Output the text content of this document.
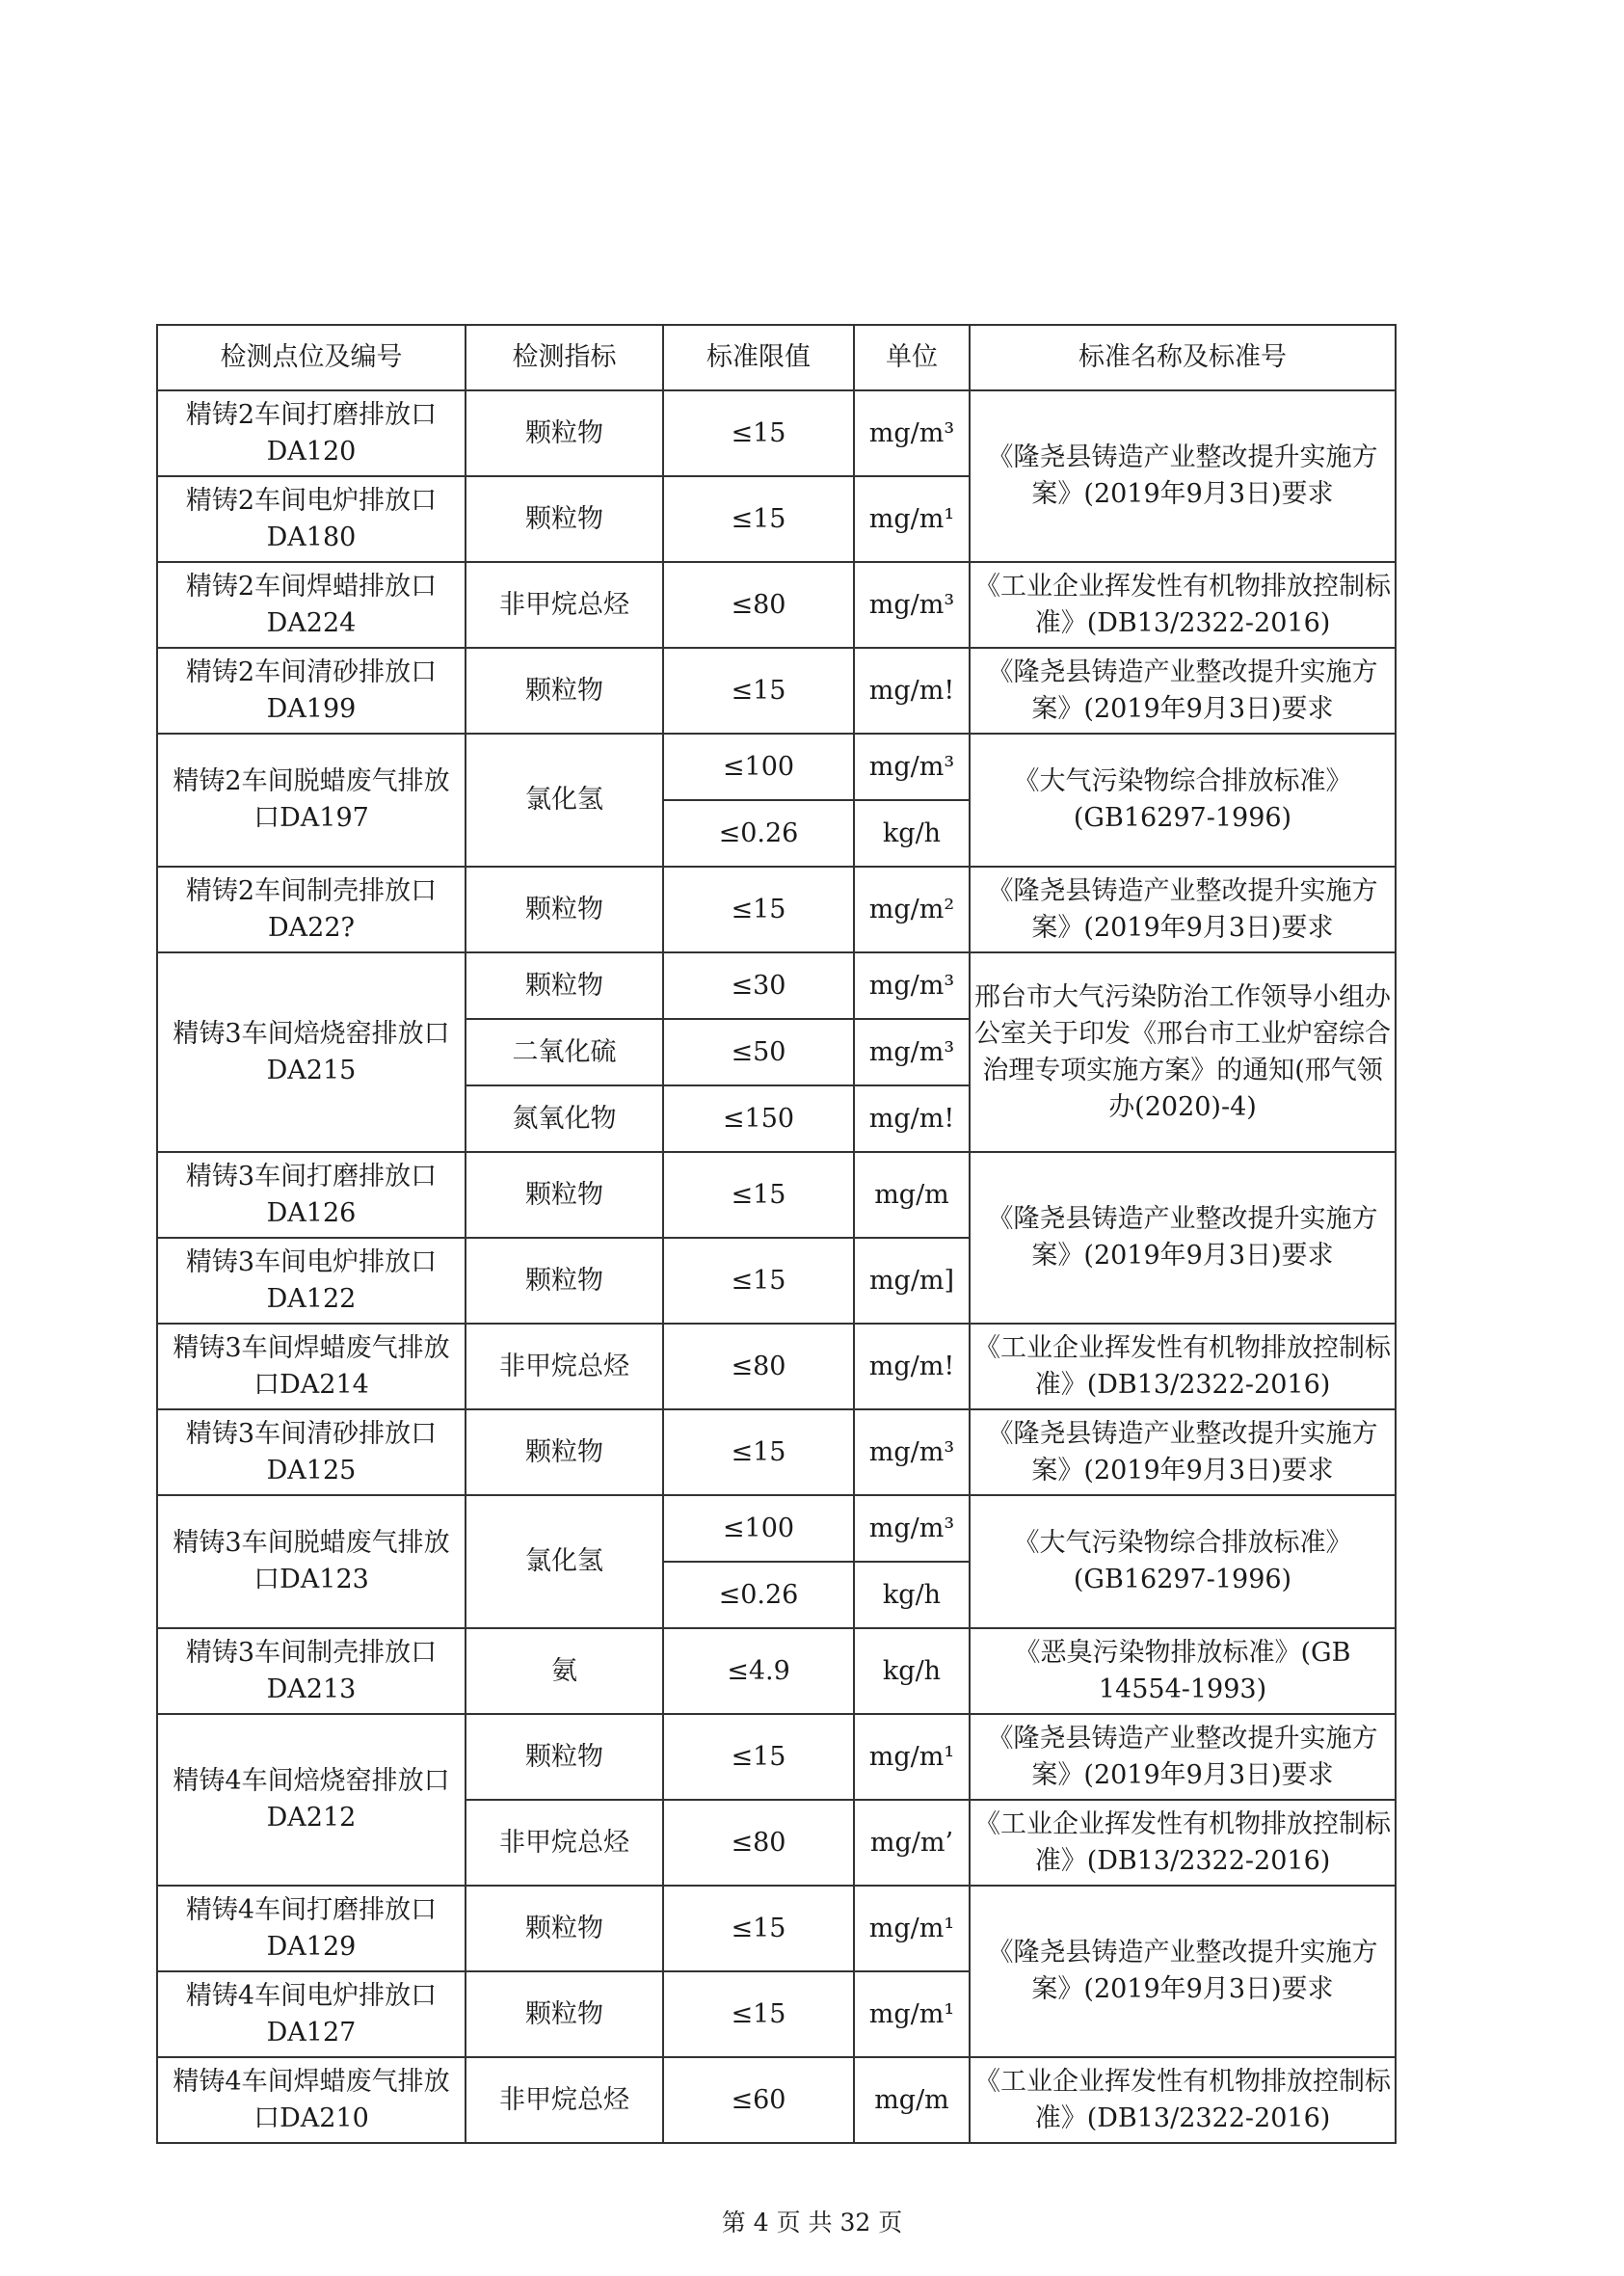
检测点位及编号	检测指标	标准限值	单位	标准名称及标准号
精铸2车间打磨排放口DA120	颗粒物	≤15	mg/m³	《隆尧县铸造产业整改提升实施方案》(2019年9月3日)要求
精铸2车间电炉排放口DA180	颗粒物	≤15	mg/m¹	
精铸2车间焊蜡排放口DA224	非甲烷总烃	≤80	mg/m³	《工业企业挥发性有机物排放控制标准》(DB13/2322-2016)
精铸2车间清砂排放口DA199	颗粒物	≤15	mg/m!	《隆尧县铸造产业整改提升实施方案》(2019年9月3日)要求
精铸2车间脱蜡废气排放口DA197	氯化氢	≤100	mg/m³	《大气污染物综合排放标准》(GB16297-1996)
		≤0.26	kg/h	
精铸2车间制壳排放口DA22?	颗粒物	≤15	mg/m²	《隆尧县铸造产业整改提升实施方案》(2019年9月3日)要求
精铸3车间焙烧窑排放口DA215	颗粒物	≤30	mg/m³	邢台市大气污染防治工作领导小组办公室关于印发《邢台市工业炉窑综合治理专项实施方案》的通知(邢气领办(2020)-4)
	二氧化硫	≤50	mg/m³	
	氮氧化物	≤150	mg/m!	
精铸3车间打磨排放口DA126	颗粒物	≤15	mg/m	《隆尧县铸造产业整改提升实施方案》(2019年9月3日)要求
精铸3车间电炉排放口DA122	颗粒物	≤15	mg/m]	
精铸3车间焊蜡废气排放口DA214	非甲烷总烃	≤80	mg/m!	《工业企业挥发性有机物排放控制标准》(DB13/2322-2016)
精铸3车间清砂排放口DA125	颗粒物	≤15	mg/m³	《隆尧县铸造产业整改提升实施方案》(2019年9月3日)要求
精铸3车间脱蜡废气排放口DA123	氯化氢	≤100	mg/m³	《大气污染物综合排放标准》(GB16297-1996)
		≤0.26	kg/h	
精铸3车间制壳排放口DA213	氨	≤4.9	kg/h	《恶臭污染物排放标准》(GB 14554-1993)
精铸4车间焙烧窑排放口DA212	颗粒物	≤15	mg/m¹	《隆尧县铸造产业整改提升实施方案》(2019年9月3日)要求
	非甲烷总烃	≤80	mg/m’	《工业企业挥发性有机物排放控制标准》(DB13/2322-2016)
精铸4车间打磨排放口DA129	颗粒物	≤15	mg/m¹	《隆尧县铸造产业整改提升实施方案》(2019年9月3日)要求
精铸4车间电炉排放口DA127	颗粒物	≤15	mg/m¹	
精铸4车间焊蜡废气排放口DA210	非甲烷总烃	≤60	mg/m	《工业企业挥发性有机物排放控制标准》(DB13/2322-2016)
第 4 页 共 32 页
